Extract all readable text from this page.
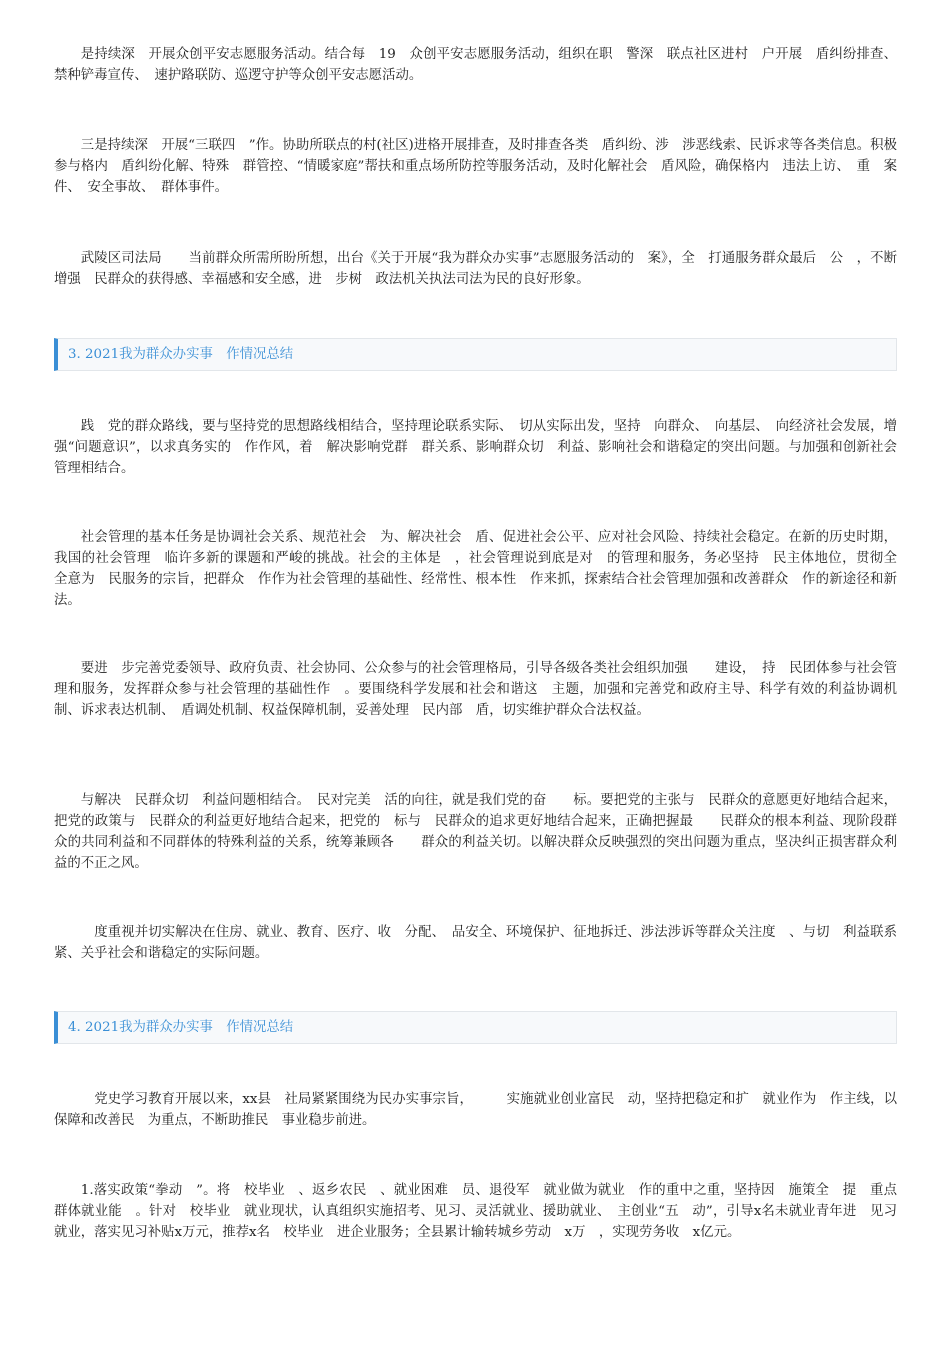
是持续深　开展众创平安志愿服务活动。结合每　19　众创平安志愿服务活动，组织在职　警深　联点社区进村　户开展　盾纠纷排查、禁种铲毒宣传、　速护路联防、巡逻守护等众创平安志愿活动。

三是持续深　开展“三联四　”作。协助所联点的村(社区)进格开展排查，及时排查各类　盾纠纷、涉　涉恶线索、民诉求等各类信息。积极参与格内　盾纠纷化解、特殊　群管控、“情暖家庭”帮扶和重点场所防控等服务活动，及时化解社会　盾风险，确保格内　违法上访、　重　案件、　安全事故、　群体事件。

武陵区司法局　　当前群众所需所盼所想，出台《关于开展“我为群众办实事”志愿服务活动的　案》，全　打通服务群众最后　公　，不断增强　民群众的获得感、幸福感和安全感，进　步树　政法机关执法司法为民的良好形象。

3. 2021我为群众办实事　作情况总结

践　党的群众路线，要与坚持党的思想路线相结合，坚持理论联系实际、　切从实际出发，坚持　向群众、　向基层、　向经济社会发展，增强“问题意识”，以求真务实的　作作风，着　解决影响党群　群关系、影响群众切　利益、影响社会和谐稳定的突出问题。与加强和创新社会管理相结合。

社会管理的基本任务是协调社会关系、规范社会　为、解决社会　盾、促进社会公平、应对社会风险、持续社会稳定。在新的历史时期，我国的社会管理　临许多新的课题和严峻的挑战。社会的主体是　，社会管理说到底是对　的管理和服务，务必坚持　民主体地位，贯彻全　全意为　民服务的宗旨，把群众　作作为社会管理的基础性、经常性、根本性　作来抓，探索结合社会管理加强和改善群众　作的新途径和新　法。

要进　步完善党委领导、政府负责、社会协同、公众参与的社会管理格局，引导各级各类社会组织加强　　建设，　持　民团体参与社会管理和服务，发挥群众参与社会管理的基础性作　。要围绕科学发展和社会和谐这　主题，加强和完善党和政府主导、科学有效的利益协调机制、诉求表达机制、　盾调处机制、权益保障机制，妥善处理　民内部　盾，切实维护群众合法权益。

与解决　民群众切　利益问题相结合。　民对完美　活的向往，就是我们党的奋　　标。要把党的主张与　民群众的意愿更好地结合起来，把党的政策与　民群众的利益更好地结合起来，把党的　标与　民群众的追求更好地结合起来，正确把握最　　民群众的根本利益、现阶段群众的共同利益和不同群体的特殊利益的关系，统筹兼顾各　　群众的利益关切。以解决群众反映强烈的突出问题为重点，坚决纠正损害群众利益的不正之风。

　度重视并切实解决在住房、就业、教育、医疗、收　分配、　品安全、环境保护、征地拆迁、涉法涉诉等群众关注度　、与切　利益联系紧、关乎社会和谐稳定的实际问题。

4. 2021我为群众办实事　作情况总结

　党史学习教育开展以来，xx县　社局紧紧围绕为民办实事宗旨，　　　实施就业创业富民　动，坚持把稳定和扩　就业作为　作主线，以保障和改善民　为重点，不断助推民　事业稳步前进。

1.落实政策“拳动　”。将　校毕业　、返乡农民　、就业困难　员、退役军　就业做为就业　作的重中之重，坚持因　施策全　提　重点群体就业能　。针对　校毕业　就业现状，认真组织实施招考、见习、灵活就业、援助就业、　主创业“五　动”，引导x名未就业青年进　见习就业，落实见习补贴x万元，推荐x名　校毕业　进企业服务；全县累计输转城乡劳动　x万　，实现劳务收　x亿元。
